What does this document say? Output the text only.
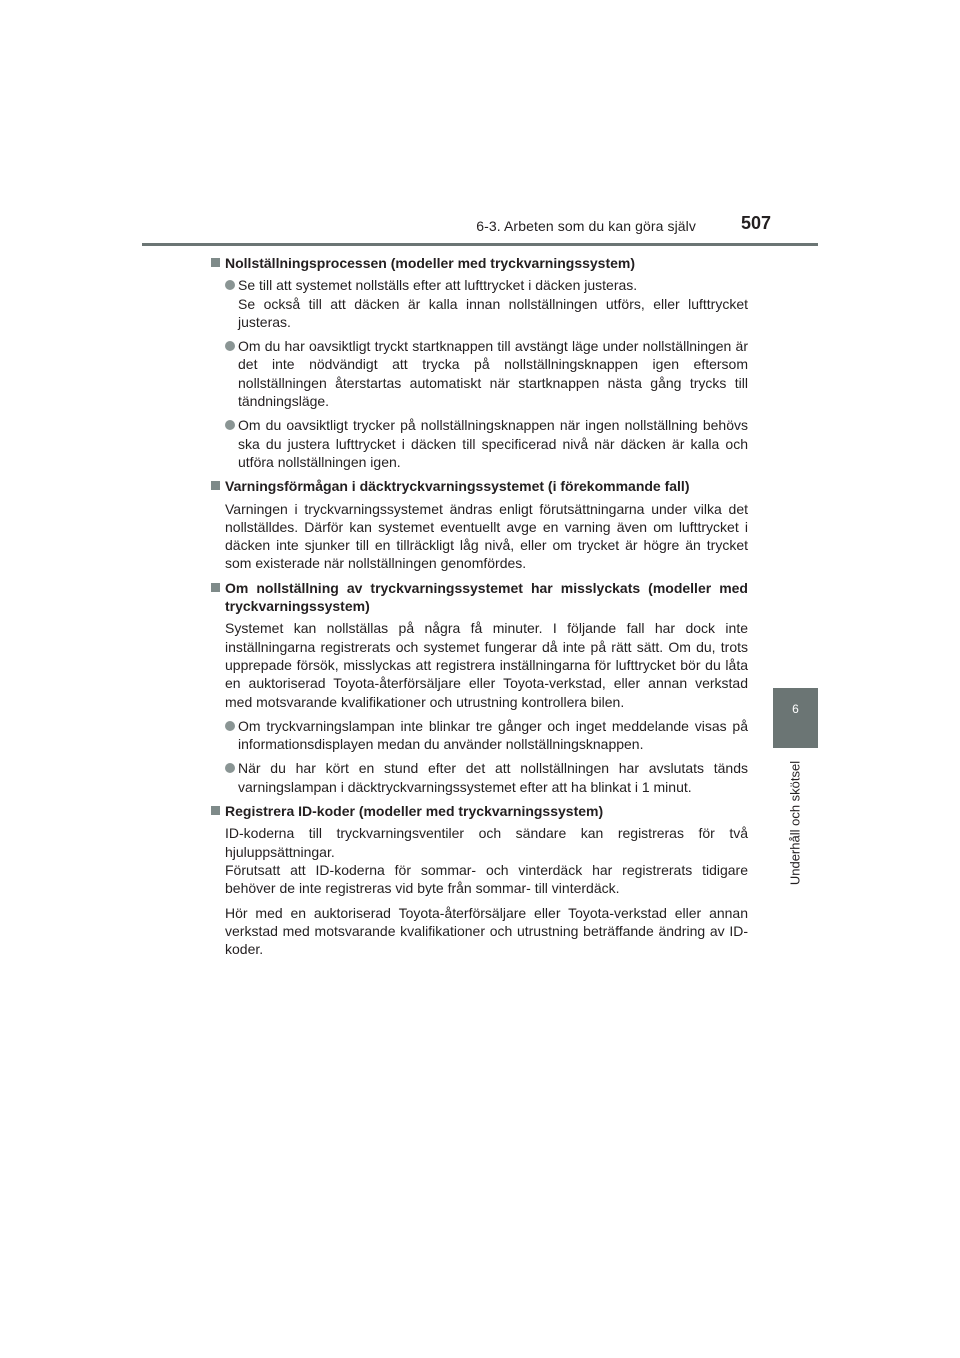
6-3. Arbeten som du kan göra själv 507
6
Underhåll och skötsel
Nollställningsprocessen (modeller med tryckvarningssystem)
Se till att systemet nollställs efter att lufttrycket i däcken justeras.
Se också till att däcken är kalla innan nollställningen utförs, eller lufttrycket justeras.
Om du har oavsiktligt tryckt startknappen till avstängt läge under nollställningen är det inte nödvändigt att trycka på nollställningsknappen igen eftersom nollställningen återstartas automatiskt när startknappen nästa gång trycks till tändningsläge.
Om du oavsiktligt trycker på nollställningsknappen när ingen nollställning behövs ska du justera lufttrycket i däcken till specificerad nivå när däcken är kalla och utföra nollställningen igen.
Varningsförmågan i däcktryckvarningssystemet (i förekommande fall)
Varningen i tryckvarningssystemet ändras enligt förutsättningarna under vilka det nollställdes. Därför kan systemet eventuellt avge en varning även om lufttrycket i däcken inte sjunker till en tillräckligt låg nivå, eller om trycket är högre än trycket som existerade när nollställningen genomfördes.
Om nollställning av tryckvarningssystemet har misslyckats (modeller med tryckvarningssystem)
Systemet kan nollställas på några få minuter. I följande fall har dock inte inställningarna registrerats och systemet fungerar då inte på rätt sätt. Om du, trots upprepade försök, misslyckas att registrera inställningarna för lufttrycket bör du låta en auktoriserad Toyota-återförsäljare eller Toyota-verkstad, eller annan verkstad med motsvarande kvalifikationer och utrustning kontrollera bilen.
Om tryckvarningslampan inte blinkar tre gånger och inget meddelande visas på informationsdisplayen medan du använder nollställningsknappen.
När du har kört en stund efter det att nollställningen har avslutats tänds varningslampan i däcktryckvarningssystemet efter att ha blinkat i 1 minut.
Registrera ID-koder (modeller med tryckvarningssystem)
ID-koderna till tryckvarningsventiler och sändare kan registreras för två hjuluppsättningar.
Förutsatt att ID-koderna för sommar- och vinterdäck har registrerats tidigare behöver de inte registreras vid byte från sommar- till vinterdäck.
Hör med en auktoriserad Toyota-återförsäljare eller Toyota-verkstad eller annan verkstad med motsvarande kvalifikationer och utrustning beträffande ändring av ID-koder.
